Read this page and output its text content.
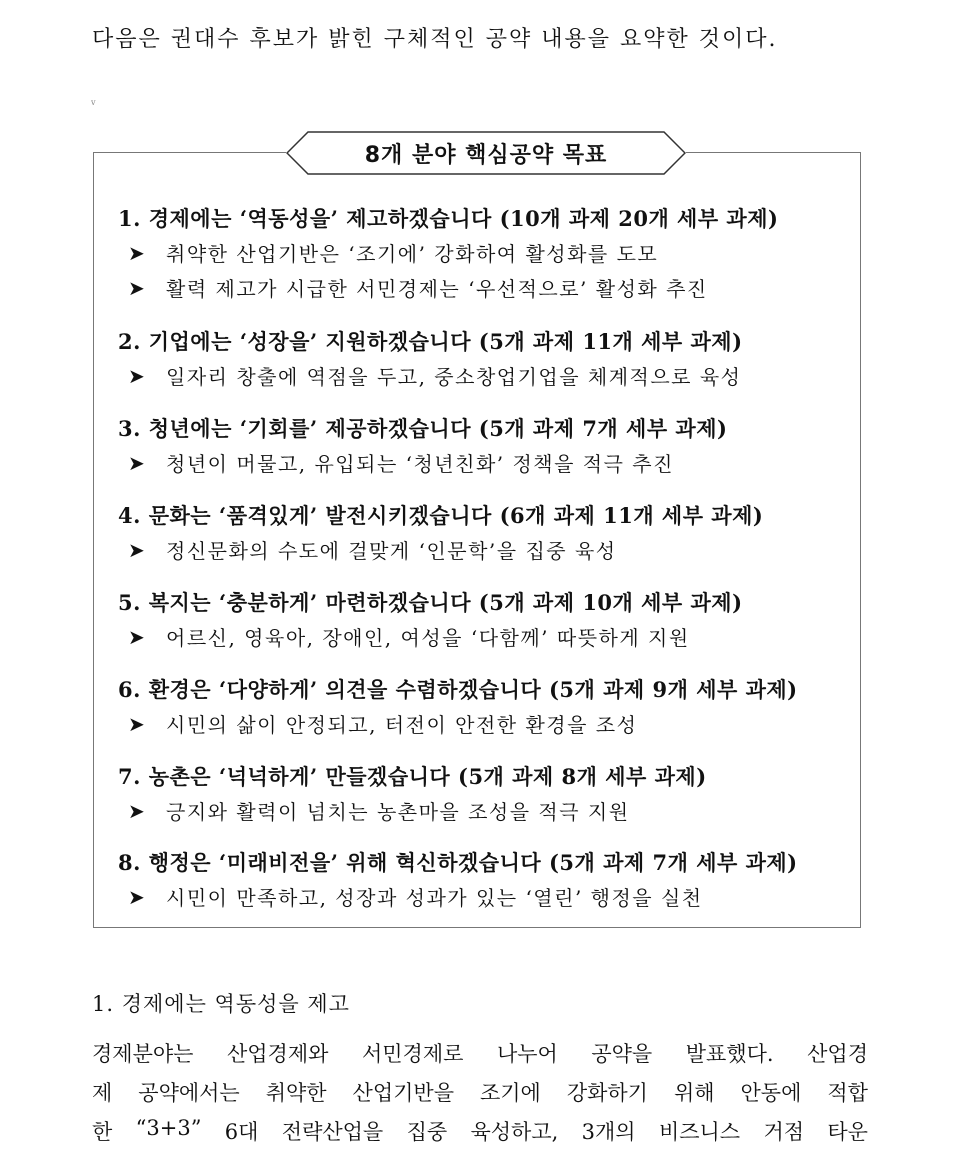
다음은 권대수 후보가 밝힌 구체적인 공약 내용을 요약한 것이다.
v
8개 분야 핵심공약 목표
1. 경제에는 ‘역동성을’ 제고하겠습니다 (10개 과제 20개 세부 과제)
➤ 취약한 산업기반은 ‘조기에’ 강화하여 활성화를 도모
➤ 활력 제고가 시급한 서민경제는 ‘우선적으로’ 활성화 추진
2. 기업에는 ‘성장을’ 지원하겠습니다 (5개 과제 11개 세부 과제)
➤ 일자리 창출에 역점을 두고, 중소창업기업을 체계적으로 육성
3. 청년에는 ‘기회를’ 제공하겠습니다 (5개 과제 7개 세부 과제)
➤ 청년이 머물고, 유입되는 ‘청년친화’ 정책을 적극 추진
4. 문화는 ‘품격있게’ 발전시키겠습니다 (6개 과제 11개 세부 과제)
➤ 정신문화의 수도에 걸맞게 ‘인문학’을 집중 육성
5. 복지는 ‘충분하게’ 마련하겠습니다 (5개 과제 10개 세부 과제)
➤ 어르신, 영육아, 장애인, 여성을 ‘다함께’ 따뜻하게 지원
6. 환경은 ‘다양하게’ 의견을 수렴하겠습니다 (5개 과제 9개 세부 과제)
➤ 시민의 삶이 안정되고, 터전이 안전한 환경을 조성
7. 농촌은 ‘넉넉하게’ 만들겠습니다 (5개 과제 8개 세부 과제)
➤ 긍지와 활력이 넘치는 농촌마을 조성을 적극 지원
8. 행정은 ‘미래비전을’ 위해 혁신하겠습니다 (5개 과제 7개 세부 과제)
➤ 시민이 만족하고, 성장과 성과가 있는 ‘열린’ 행정을 실천
1. 경제에는 역동성을 제고
경제분야는 산업경제와 서민경제로 나누어 공약을 발표했다. 산업경
제 공약에서는 취약한 산업기반을 조기에 강화하기 위해 안동에 적합
한 “3+3” 6대 전략산업을 집중 육성하고, 3개의 비즈니스 거점 타운
